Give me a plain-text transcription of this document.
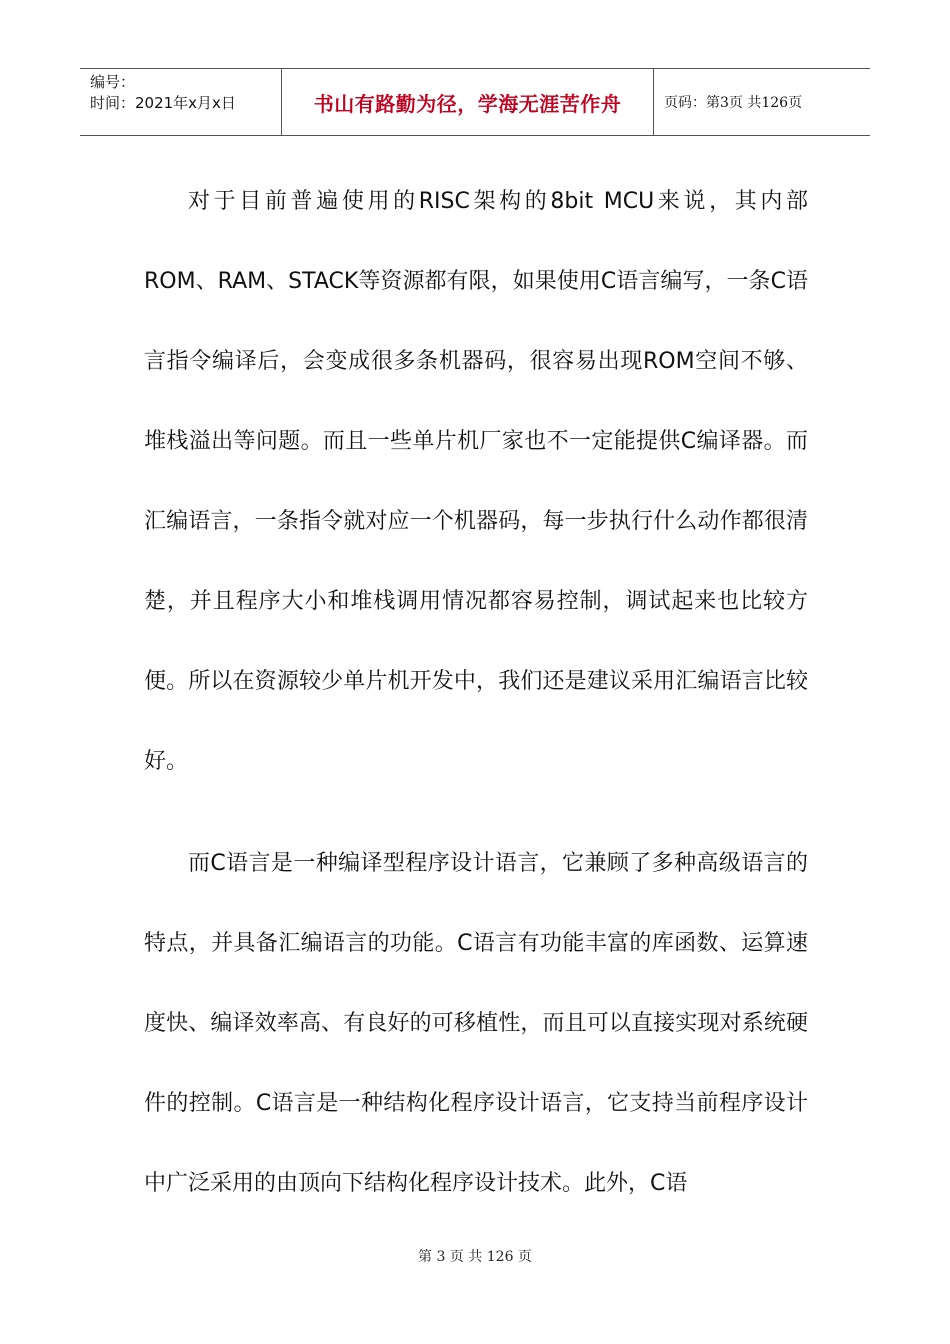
编号：
时间：2021年x月x日	书山有路勤为径，学海无涯苦作舟	页码：第3页 共126页

对于目前普遍使用的RISC架构的8bit MCU来说，其内部ROM、RAM、STACK等资源都有限，如果使用C语言编写，一条C语言指令编译后，会变成很多条机器码，很容易出现ROM空间不够、堆栈溢出等问题。而且一些单片机厂家也不一定能提供C编译器。而汇编语言，一条指令就对应一个机器码，每一步执行什么动作都很清楚，并且程序大小和堆栈调用情况都容易控制，调试起来也比较方便。所以在资源较少单片机开发中，我们还是建议采用汇编语言比较好。

而C语言是一种编译型程序设计语言，它兼顾了多种高级语言的特点，并具备汇编语言的功能。C语言有功能丰富的库函数、运算速度快、编译效率高、有良好的可移植性，而且可以直接实现对系统硬件的控制。C语言是一种结构化程序设计语言，它支持当前程序设计中广泛采用的由顶向下结构化程序设计技术。此外，C语

第 3 页 共 126 页
